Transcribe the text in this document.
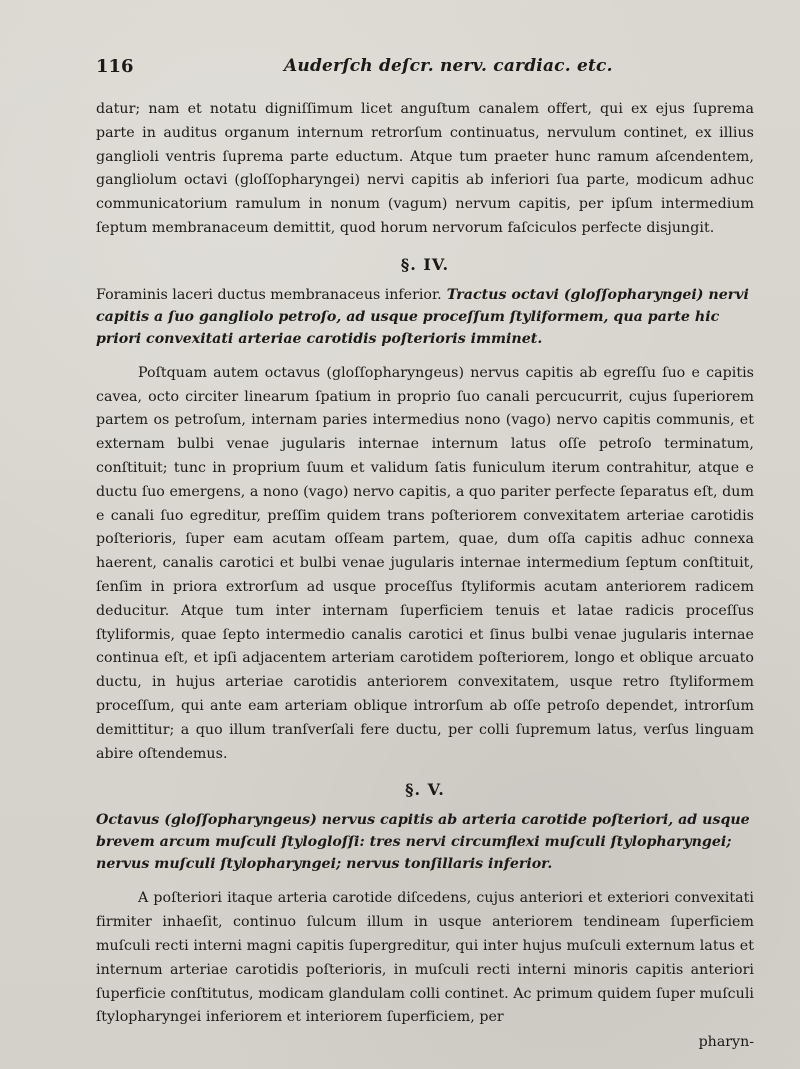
116	Auderſch deſcr. nerv. cardiac. etc.

datur; nam et notatu digniſſimum licet anguſtum canalem offert, qui ex ejus ſuprema parte in auditus organum internum retrorſum continuatus, nervulum continet, ex illius ganglioli ventris ſuprema parte eductum. Atque tum praeter hunc ramum aſcendentem, gangliolum octavi (gloſſopharyngei) nervi capitis ab inferiori ſua parte, modicum adhuc communicatorium ramulum in nonum (vagum) nervum capitis, per ipſum intermedium ſeptum membranaceum demittit, quod horum nervorum faſciculos perfecte disjungit.

§. IV.
Foraminis laceri ductus membranaceus inferior. Tractus octavi (gloſſopharyngei) nervi capitis a ſuo gangliolo petroſo, ad usque proceſſum ſtyliformem, qua parte hic priori convexitati arteriae carotidis poſterioris imminet.

Poſtquam autem octavus (gloſſopharyngeus) nervus capitis ab egreſſu ſuo e capitis cavea, octo circiter linearum ſpatium in proprio ſuo canali percucurrit, cujus ſuperiorem partem os petroſum, internam paries intermedius nono (vago) nervo capitis communis, et externam bulbi venae jugularis internae internum latus oſſe petroſo terminatum, conſtituit; tunc in proprium ſuum et validum ſatis funiculum iterum contrahitur, atque e ductu ſuo emergens, a nono (vago) nervo capitis, a quo pariter perfecte ſeparatus eſt, dum e canali ſuo egreditur, preſſim quidem trans poſteriorem convexitatem arteriae carotidis poſterioris, ſuper eam acutam oſſeam partem, quae, dum oſſa capitis adhuc connexa haerent, canalis carotici et bulbi venae jugularis internae intermedium ſeptum conſtituit, ſenſim in priora extrorſum ad usque proceſſus ſtyliformis acutam anteriorem radicem deducitur. Atque tum inter internam ſuperficiem tenuis et latae radicis proceſſus ſtyliformis, quae ſepto intermedio canalis carotici et ſinus bulbi venae jugularis internae continua eſt, et ipſi adjacentem arteriam carotidem poſteriorem, longo et oblique arcuato ductu, in hujus arteriae carotidis anteriorem convexitatem, usque retro ſtyliformem proceſſum, qui ante eam arteriam oblique introrſum ab oſſe petroſo dependet, introrſum demittitur; a quo illum tranſverſali fere ductu, per colli ſupremum latus, verſus linguam abire oſtendemus.

§. V.
Octavus (gloſſopharyngeus) nervus capitis ab arteria carotide poſteriori, ad usque brevem arcum muſculi ſtylogloſſi: tres nervi circumflexi muſculi ſtylopharyngei; nervus muſculi ſtylopharyngei; nervus tonſillaris inferior.

A poſteriori itaque arteria carotide diſcedens, cujus anteriori et exteriori convexitati firmiter inhaeſit, continuo ſulcum illum in usque anteriorem tendineam ſuperficiem muſculi recti interni magni capitis ſupergreditur, qui inter hujus muſculi externum latus et internum arteriae carotidis poſterioris, in muſculi recti interni minoris capitis anteriori ſuperficie conſtitutus, modicam glandulam colli continet. Ac primum quidem ſuper muſculi ſtylopharyngei inferiorem et interiorem ſuperficiem, per

pharyn-
